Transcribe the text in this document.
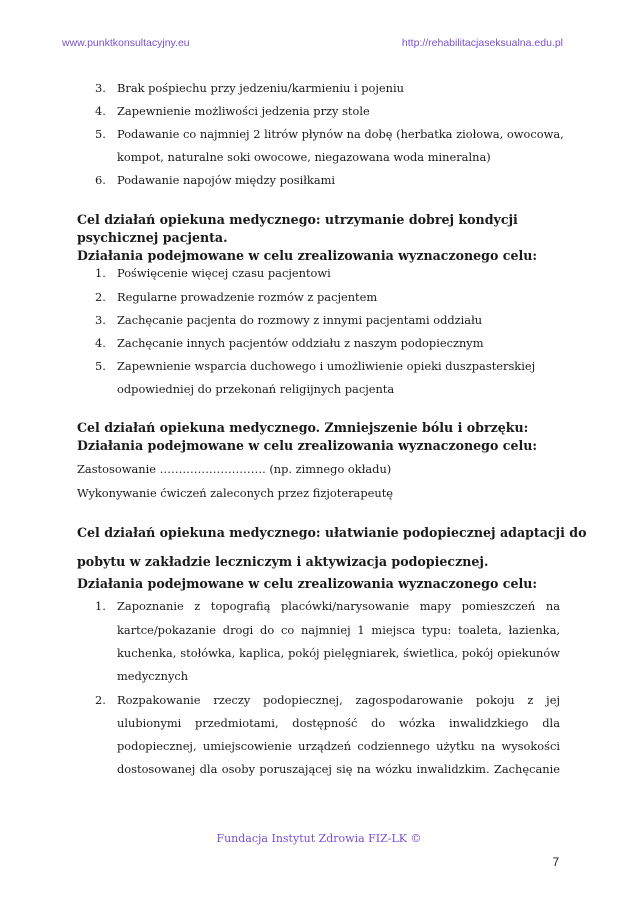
www.punktkonsultacyjny.eu	http://rehabilitacjaseksualna.edu.pl
3. Brak pośpiechu przy jedzeniu/karmieniu i pojeniu
4. Zapewnienie możliwości jedzenia przy stole
5. Podawanie co najmniej 2 litrów płynów na dobę (herbatka ziołowa, owocowa,
kompot, naturalne soki owocowe, niegazowana woda mineralna)
6. Podawanie napojów między posiłkami
Cel działań opiekuna medycznego: utrzymanie dobrej kondycji
psychicznej pacjenta.
Działania podejmowane w celu zrealizowania wyznaczonego celu:
1. Poświęcenie więcej czasu pacjentowi
2. Regularne prowadzenie rozmów z pacjentem
3. Zachęcanie pacjenta do rozmowy z innymi pacjentami oddziału
4. Zachęcanie innych pacjentów oddziału z naszym podopiecznym
5. Zapewnienie wsparcia duchowego i umożliwienie opieki duszpasterskiej
odpowiedniej do przekonań religijnych pacjenta
Cel działań opiekuna medycznego. Zmniejszenie bólu i obrzęku:
Działania podejmowane w celu zrealizowania wyznaczonego celu:
Zastosowanie ………………………. (np. zimnego okładu)
Wykonywanie ćwiczeń zaleconych przez fizjoterapeutę
Cel działań opiekuna medycznego: ułatwianie podopiecznej adaptacji do
pobytu w zakładzie leczniczym i aktywizacja podopiecznej.
Działania podejmowane w celu zrealizowania wyznaczonego celu:
1. Zapoznanie z topografią placówki/narysowanie mapy pomieszczeń na
kartce/pokazanie drogi do co najmniej 1 miejsca typu: toaleta, łazienka,
kuchenka, stołówka, kaplica, pokój pielęgniarek, świetlica, pokój opiekunów
medycznych
2. Rozpakowanie rzeczy podopiecznej, zagospodarowanie pokoju z jej
ulubionymi przedmiotami, dostępność do wózka inwalidzkiego dla
podopiecznej, umiejscowienie urządzeń codziennego użytku na wysokości
dostosowanej dla osoby poruszającej się na wózku inwalidzkim. Zachęcanie
Fundacja Instytut Zdrowia FIZ-LK ©
7
